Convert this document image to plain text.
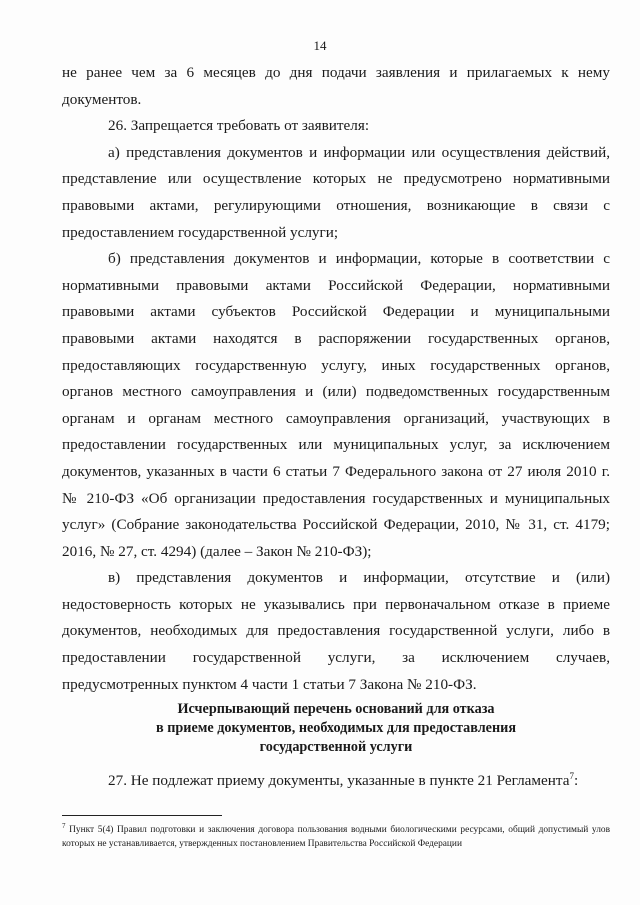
14

не ранее чем за 6 месяцев до дня подачи заявления и прилагаемых к нему документов.

26. Запрещается требовать от заявителя:

а) представления документов и информации или осуществления действий, представление или осуществление которых не предусмотрено нормативными правовыми актами, регулирующими отношения, возникающие в связи с предоставлением государственной услуги;

б) представления документов и информации, которые в соответствии с нормативными правовыми актами Российской Федерации, нормативными правовыми актами субъектов Российской Федерации и муниципальными правовыми актами находятся в распоряжении государственных органов, предоставляющих государственную услугу, иных государственных органов, органов местного самоуправления и (или) подведомственных государственным органам и органам местного самоуправления организаций, участвующих в предоставлении государственных или муниципальных услуг, за исключением документов, указанных в части 6 статьи 7 Федерального закона от 27 июля 2010 г. № 210-ФЗ «Об организации предоставления государственных и муниципальных услуг» (Собрание законодательства Российской Федерации, 2010, № 31, ст. 4179; 2016, № 27, ст. 4294) (далее – Закон № 210-ФЗ);

в) представления документов и информации, отсутствие и (или) недостоверность которых не указывались при первоначальном отказе в приеме документов, необходимых для предоставления государственной услуги, либо в предоставлении государственной услуги, за исключением случаев, предусмотренных пунктом 4 части 1 статьи 7 Закона № 210-ФЗ.

Исчерпывающий перечень оснований для отказа
в приеме документов, необходимых для предоставления
государственной услуги
27. Не подлежат приему документы, указанные в пункте 21 Регламента$^7$:
$^7$ Пункт 5(4) Правил подготовки и заключения договора пользования водными биологическими ресурсами, общий допустимый улов которых не устанавливается, утвержденных постановлением Правительства Российской Федерации
